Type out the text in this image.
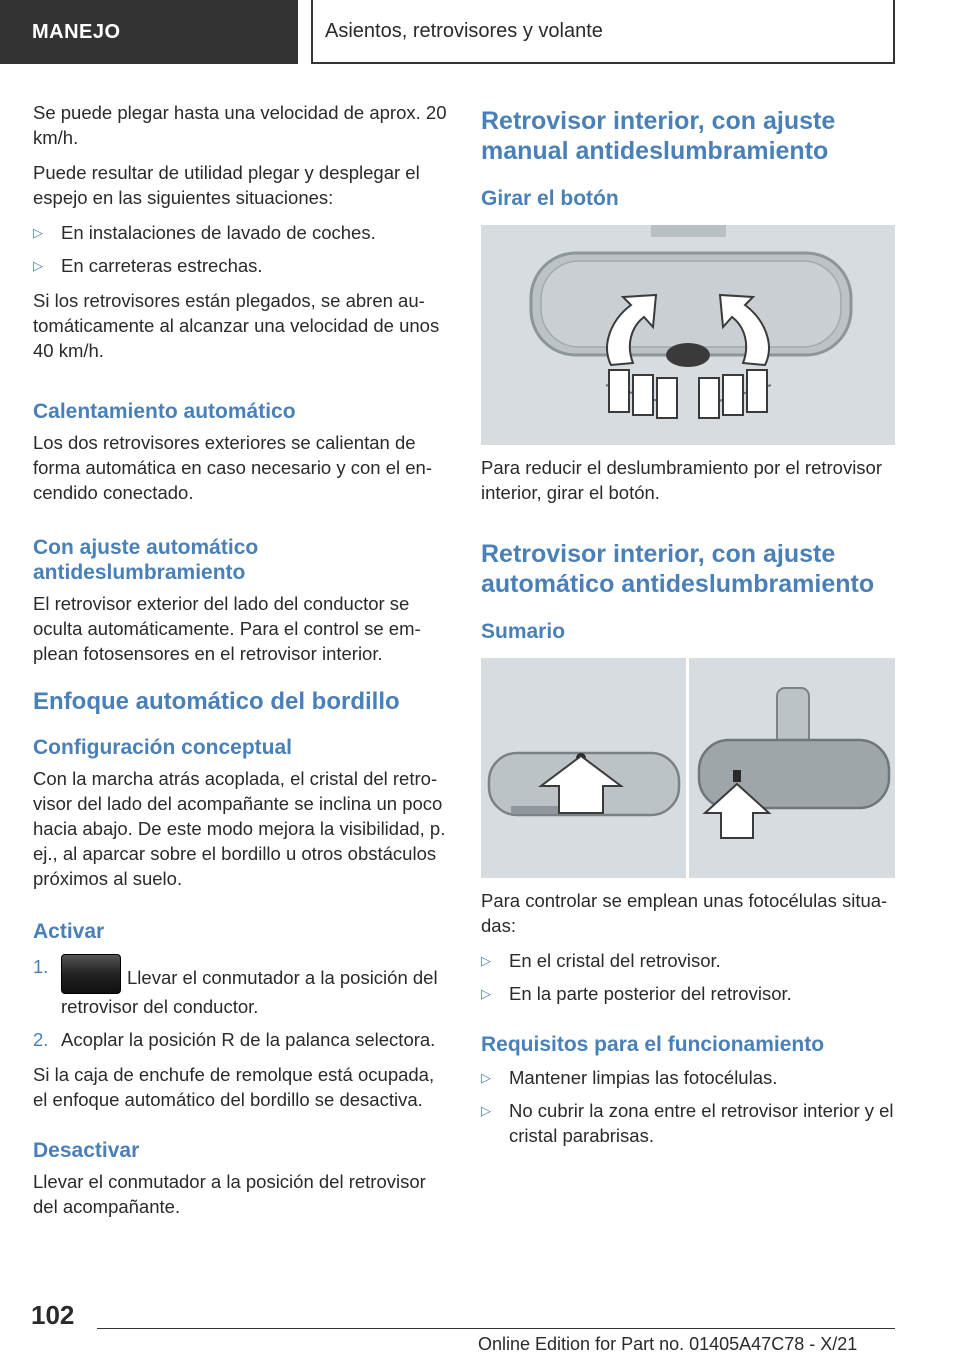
MANEJO	Asientos, retrovisores y volante

Se puede plegar hasta una velocidad de aprox. 20 km/h.

Puede resultar de utilidad plegar y desplegar el espejo en las siguientes situaciones:

▷ En instalaciones de lavado de coches.
▷ En carreteras estrechas.

Si los retrovisores están plegados, se abren automáticamente al alcanzar una velocidad de unos 40 km/h.

Calentamiento automático

Los dos retrovisores exteriores se calientan de forma automática en caso necesario y con el encendido conectado.

Con ajuste automático antideslumbramiento

El retrovisor exterior del lado del conductor se oculta automáticamente. Para el control se emplean fotosensores en el retrovisor interior.

Enfoque automático del bordillo
Configuración conceptual

Con la marcha atrás acoplada, el cristal del retrovisor del lado del acompañante se inclina un poco hacia abajo. De este modo mejora la visibilidad, p. ej., al aparcar sobre el bordillo u otros obstáculos próximos al suelo.

Activar
1.
Llevar el conmutador a la posición del retrovisor del conductor.
2. Acoplar la posición R de la palanca selectora.

Si la caja de enchufe de remolque está ocupada, el enfoque automático del bordillo se desactiva.

Desactivar

Llevar el conmutador a la posición del retrovisor del acompañante.

Retrovisor interior, con ajuste manual antideslumbramiento
Girar el botón

Para reducir el deslumbramiento por el retrovisor interior, girar el botón.

Retrovisor interior, con ajuste automático antideslumbramiento
Sumario

Para controlar se emplean unas fotocélulas situadas:

▷ En el cristal del retrovisor.
▷ En la parte posterior del retrovisor.
Requisitos para el funcionamiento
▷ Mantener limpias las fotocélulas.
▷ No cubrir la zona entre el retrovisor interior y el cristal parabrisas.
102
Online Edition for Part no. 01405A47C78 - X/21
